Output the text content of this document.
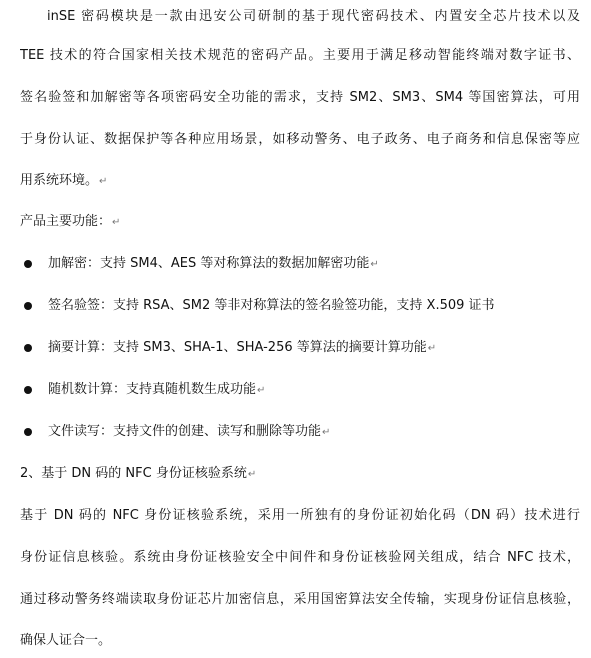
inSE 密码模块是一款由迅安公司研制的基于现代密码技术、内置安全芯片技术以及
TEE 技术的符合国家相关技术规范的密码产品。主要用于满足移动智能终端对数字证书、
签名验签和加解密等各项密码安全功能的需求，支持 SM2、SM3、SM4 等国密算法，可用
于身份认证、数据保护等各种应用场景，如移动警务、电子政务、电子商务和信息保密等应
用系统环境。↵
产品主要功能：↵
加解密：支持 SM4、AES 等对称算法的数据加解密功能↵
签名验签：支持 RSA、SM2 等非对称算法的签名验签功能，支持 X.509 证书
摘要计算：支持 SM3、SHA-1、SHA-256 等算法的摘要计算功能↵
随机数计算：支持真随机数生成功能↵
文件读写：支持文件的创建、读写和删除等功能↵
2、基于 DN 码的 NFC 身份证核验系统↵
基于 DN 码的 NFC 身份证核验系统，采用一所独有的身份证初始化码（DN 码）技术进行
身份证信息核验。系统由身份证核验安全中间件和身份证核验网关组成，结合 NFC 技术，
通过移动警务终端读取身份证芯片加密信息，采用国密算法安全传输，实现身份证信息核验，
确保人证合一。
